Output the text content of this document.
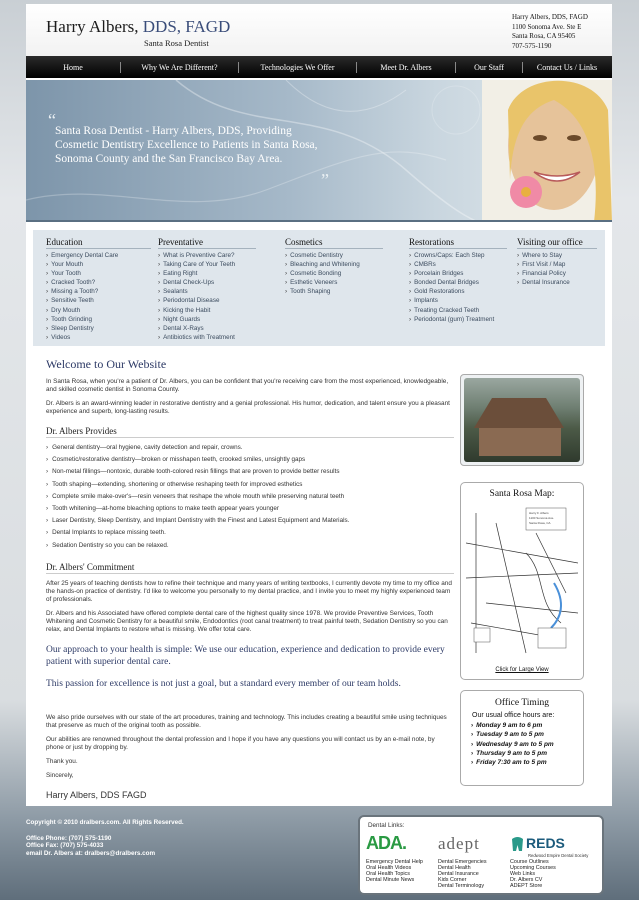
Harry Albers, DDS, FAGD
Santa Rosa Dentist
Harry Albers, DDS, FAGD
1100 Sonoma Ave. Ste E
Santa Rosa, CA 95405
707-575-1190
Home	Why We Are Different?	Technologies We Offer	Meet Dr. Albers	Our Staff	Contact Us / Links
“
Santa Rosa Dentist - Harry Albers, DDS, Providing Cosmetic Dentistry Excellence to Patients in Santa Rosa, Sonoma County and the San Francisco Bay Area.
”
Education
› Emergency Dental Care
› Your Mouth
› Your Tooth
› Cracked Tooth?
› Missing a Tooth?
› Sensitive Teeth
› Dry Mouth
› Tooth Grinding
› Sleep Dentistry
› Videos
Preventative
› What is Preventive Care?
› Taking Care of Your Teeth
› Eating Right
› Dental Check-Ups
› Sealants
› Periodontal Disease
› Kicking the Habit
› Night Guards
› Dental X-Rays
› Antibiotics with Treatment
Cosmetics
› Cosmetic Dentistry
› Bleaching and Whitening
› Cosmetic Bonding
› Esthetic Veneers
› Tooth Shaping
Restorations
› Crowns/Caps: Each Step
› CMBRs
› Porcelain Bridges
› Bonded Dental Bridges
› Gold Restorations
› Implants
› Treating Cracked Teeth
› Periodontal (gum) Treatment
Visiting our office
› Where to Stay
› First Visit / Map
› Financial Policy
› Dental Insurance
Welcome to Our Website
In Santa Rosa, when you're a patient of Dr. Albers, you can be confident that you're receiving care from the most experienced, knowledgeable, and skilled cosmetic dentist in Sonoma County.
Dr. Albers is an award-winning leader in restorative dentistry and a genial professional. His humor, dedication, and talent ensure you a pleasant experience and superb, long-lasting results.
Dr. Albers Provides
› General dentistry—oral hygiene, cavity detection and repair, crowns.
› Cosmetic/restorative dentistry—broken or misshapen teeth, crooked smiles, unsightly gaps
› Non-metal fillings—nontoxic, durable tooth-colored resin fillings that are proven to provide better results
› Tooth shaping—extending, shortening or otherwise reshaping teeth for improved esthetics
› Complete smile make-over's—resin veneers that reshape the whole mouth while preserving natural teeth
› Tooth whitening—at-home bleaching options to make teeth appear years younger
› Laser Dentistry, Sleep Dentistry, and Implant Dentistry with the Finest and Latest Equipment and Materials.
› Dental Implants to replace missing teeth.
› Sedation Dentistry so you can be relaxed.
Dr. Albers' Commitment
After 25 years of teaching dentists how to refine their technique and many years of writing textbooks, I currently devote my time to my office and the hands-on practice of dentistry. I'd like to welcome you personally to my dental practice, and I invite you to meet my highly experienced team of professionals.
Dr. Albers and his Associated have offered complete dental care of the highest quality since 1978. We provide Preventive Services, Tooth Whitening and Cosmetic Dentistry for a beautiful smile, Endodontics (root canal treatment) to treat painful teeth, Sedation Dentistry so you can relax, and Dental Implants to restore what is missing. We offer total care.
Our approach to your health is simple: We use our education, experience and dedication to provide every patient with superior dental care.
This passion for excellence is not just a goal, but a standard every member of our team holds.
We also pride ourselves with our state of the art procedures, training and technology. This includes creating a beautiful smile using techniques that preserve as much of the original tooth as possible.
Our abilities are renowned throughout the dental profession and I hope if you have any questions you will contact us by an e-mail note, by phone or just by dropping by.
Thank you.
Sincerely,
Harry Albers, DDS FAGD
Santa Rosa Map:
Harry F. Albers
1100 Sonoma Ave.
Santa Rosa, CA
Click for Large View
Office Timing
Our usual office hours are:
› Monday 9 am to 6 pm
› Tuesday 9 am to 5 pm
› Wednesday 9 am to 5 pm
› Thursday 9 am to 5 pm
› Friday 7:30 am to 5 pm
Copyright © 2010 dralbers.com. All Rights Reserved.
Office Phone: (707) 575-1190
Office Fax: (707) 575-4033
email Dr. Albers at: dralbers@dralbers.com
Dental Links:
ADA. adept	REDS
Redwood Empire Dental Society
Emergency Dental Help
Oral Health Videos
Oral Health Topics
Dental Minute News
Dental Emergencies
Dental Health
Dental Insurance
Kids Corner
Dental Terminology
Course Outlines
Upcoming Courses
Web Links
Dr. Albers CV
ADEPT Store
